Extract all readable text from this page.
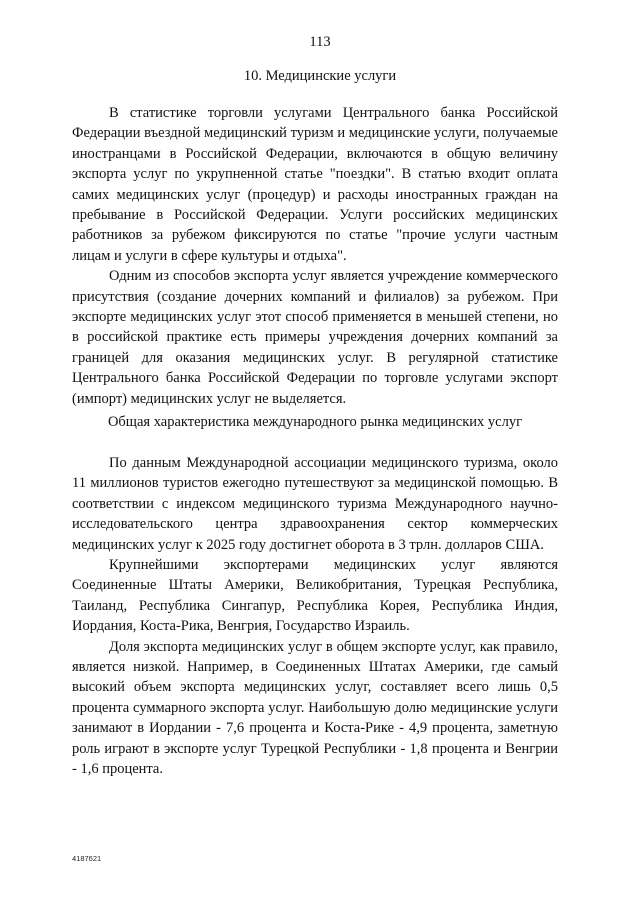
113
10. Медицинские услуги

В статистике торговли услугами Центрального банка Российской Федерации въездной медицинский туризм и медицинские услуги, получаемые иностранцами в Российской Федерации, включаются в общую величину экспорта услуг по укрупненной статье "поездки". В статью входит оплата самих медицинских услуг (процедур) и расходы иностранных граждан на пребывание в Российской Федерации. Услуги российских медицинских работников за рубежом фиксируются по статье "прочие услуги частным лицам и услуги в сфере культуры и отдыха".

Одним из способов экспорта услуг является учреждение коммерческого присутствия (создание дочерних компаний и филиалов) за рубежом. При экспорте медицинских услуг этот способ применяется в меньшей степени, но в российской практике есть примеры учреждения дочерних компаний за границей для оказания медицинских услуг. В регулярной статистике Центрального банка Российской Федерации по торговле услугами экспорт (импорт) медицинских услуг не выделяется.

Общая характеристика международного рынка медицинских услуг

По данным Международной ассоциации медицинского туризма, около 11 миллионов туристов ежегодно путешествуют за медицинской помощью. В соответствии с индексом медицинского туризма Международного научно-исследовательского центра здравоохранения сектор коммерческих медицинских услуг к 2025 году достигнет оборота в 3 трлн. долларов США.

Крупнейшими экспортерами медицинских услуг являются Соединенные Штаты Америки, Великобритания, Турецкая Республика, Таиланд, Республика Сингапур, Республика Корея, Республика Индия, Иордания, Коста-Рика, Венгрия, Государство Израиль.

Доля экспорта медицинских услуг в общем экспорте услуг, как правило, является низкой. Например, в Соединенных Штатах Америки, где самый высокий объем экспорта медицинских услуг, составляет всего лишь 0,5 процента суммарного экспорта услуг. Наибольшую долю медицинские услуги занимают в Иордании - 7,6 процента и Коста-Рике - 4,9 процента, заметную роль играют в экспорте услуг Турецкой Республики - 1,8 процента и Венгрии - 1,6 процента.

4187621
